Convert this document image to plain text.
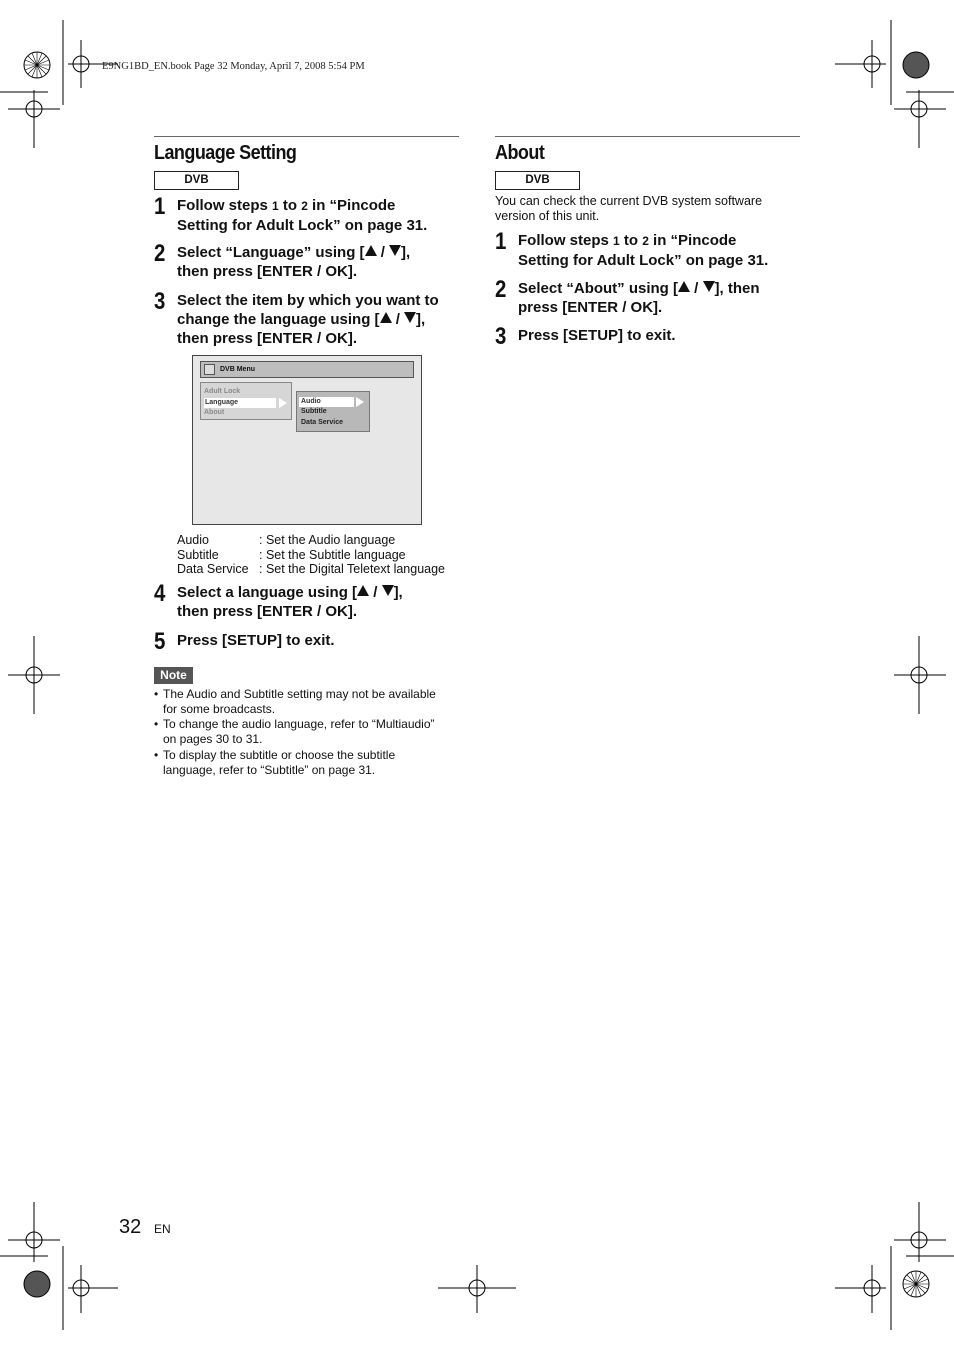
E9NG1BD_EN.book Page 32 Monday, April 7, 2008 5:54 PM
Language Setting
DVB
1 Follow steps 1 to 2 in “Pincode
Setting for Adult Lock” on page 31.
2 Select “Language” using [ / ],
then press [ENTER / OK].
3 Select the item by which you want to
change the language using [ / ],
then press [ENTER / OK].
DVB Menu
Adult Lock
Language
About
Audio
Subtitle
Data Service
Audio	: Set the Audio language
Subtitle	: Set the Subtitle language
Data Service : Set the Digital Teletext language
4 Select a language using [ / ],
then press [ENTER / OK].
5 Press [SETUP] to exit.
Note
• The Audio and Subtitle setting may not be available
for some broadcasts.
• To change the audio language, refer to “Multiaudio”
on pages 30 to 31.
• To display the subtitle or choose the subtitle
language, refer to “Subtitle” on page 31.
About
DVB
You can check the current DVB system software
version of this unit.
1 Follow steps 1 to 2 in “Pincode
Setting for Adult Lock” on page 31.
2 Select “About” using [ / ], then
press [ENTER / OK].
3 Press [SETUP] to exit.
32 EN
